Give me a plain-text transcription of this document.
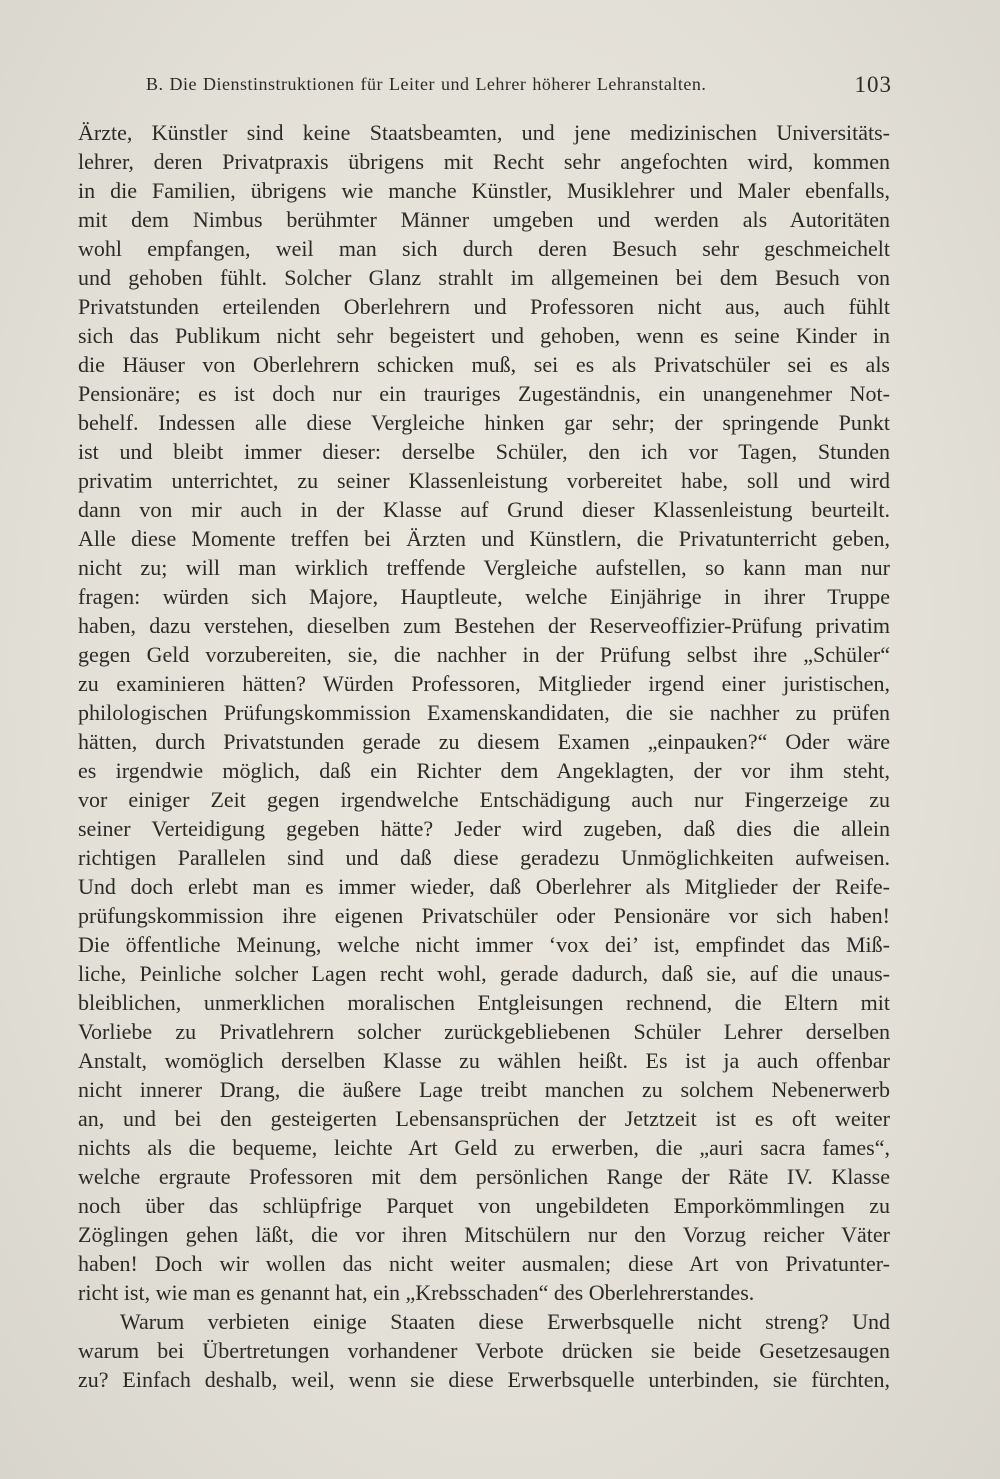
B. Die Dienstinstruktionen für Leiter und Lehrer höherer Lehranstalten.	103
Ärzte, Künstler sind keine Staatsbeamten, und jene medizinischen Universitäts-
lehrer, deren Privatpraxis übrigens mit Recht sehr angefochten wird, kommen
in die Familien, übrigens wie manche Künstler, Musiklehrer und Maler ebenfalls,
mit dem Nimbus berühmter Männer umgeben und werden als Autoritäten
wohl empfangen, weil man sich durch deren Besuch sehr geschmeichelt
und gehoben fühlt. Solcher Glanz strahlt im allgemeinen bei dem Besuch von
Privatstunden erteilenden Oberlehrern und Professoren nicht aus, auch fühlt
sich das Publikum nicht sehr begeistert und gehoben, wenn es seine Kinder in
die Häuser von Oberlehrern schicken muß, sei es als Privatschüler sei es als
Pensionäre; es ist doch nur ein trauriges Zugeständnis, ein unangenehmer Not-
behelf. Indessen alle diese Vergleiche hinken gar sehr; der springende Punkt
ist und bleibt immer dieser: derselbe Schüler, den ich vor Tagen, Stunden
privatim unterrichtet, zu seiner Klassenleistung vorbereitet habe, soll und wird
dann von mir auch in der Klasse auf Grund dieser Klassenleistung beurteilt.
Alle diese Momente treffen bei Ärzten und Künstlern, die Privatunterricht geben,
nicht zu; will man wirklich treffende Vergleiche aufstellen, so kann man nur
fragen: würden sich Majore, Hauptleute, welche Einjährige in ihrer Truppe
haben, dazu verstehen, dieselben zum Bestehen der Reserveoffizier-Prüfung privatim
gegen Geld vorzubereiten, sie, die nachher in der Prüfung selbst ihre „Schüler“
zu examinieren hätten? Würden Professoren, Mitglieder irgend einer juristischen,
philologischen Prüfungskommission Examenskandidaten, die sie nachher zu prüfen
hätten, durch Privatstunden gerade zu diesem Examen „einpauken?“ Oder wäre
es irgendwie möglich, daß ein Richter dem Angeklagten, der vor ihm steht,
vor einiger Zeit gegen irgendwelche Entschädigung auch nur Fingerzeige zu
seiner Verteidigung gegeben hätte? Jeder wird zugeben, daß dies die allein
richtigen Parallelen sind und daß diese geradezu Unmöglichkeiten aufweisen.
Und doch erlebt man es immer wieder, daß Oberlehrer als Mitglieder der Reife-
prüfungskommission ihre eigenen Privatschüler oder Pensionäre vor sich haben!
Die öffentliche Meinung, welche nicht immer ‘vox dei’ ist, empfindet das Miß-
liche, Peinliche solcher Lagen recht wohl, gerade dadurch, daß sie, auf die unaus-
bleiblichen, unmerklichen moralischen Entgleisungen rechnend, die Eltern mit
Vorliebe zu Privatlehrern solcher zurückgebliebenen Schüler Lehrer derselben
Anstalt, womöglich derselben Klasse zu wählen heißt. Es ist ja auch offenbar
nicht innerer Drang, die äußere Lage treibt manchen zu solchem Nebenerwerb
an, und bei den gesteigerten Lebensansprüchen der Jetztzeit ist es oft weiter
nichts als die bequeme, leichte Art Geld zu erwerben, die „auri sacra fames“,
welche ergraute Professoren mit dem persönlichen Range der Räte IV. Klasse
noch über das schlüpfrige Parquet von ungebildeten Emporkömmlingen zu
Zöglingen gehen läßt, die vor ihren Mitschülern nur den Vorzug reicher Väter
haben! Doch wir wollen das nicht weiter ausmalen; diese Art von Privatunter-
richt ist, wie man es genannt hat, ein „Krebsschaden“ des Oberlehrerstandes.
Warum verbieten einige Staaten diese Erwerbsquelle nicht streng? Und
warum bei Übertretungen vorhandener Verbote drücken sie beide Gesetzesaugen
zu? Einfach deshalb, weil, wenn sie diese Erwerbsquelle unterbinden, sie fürchten,
